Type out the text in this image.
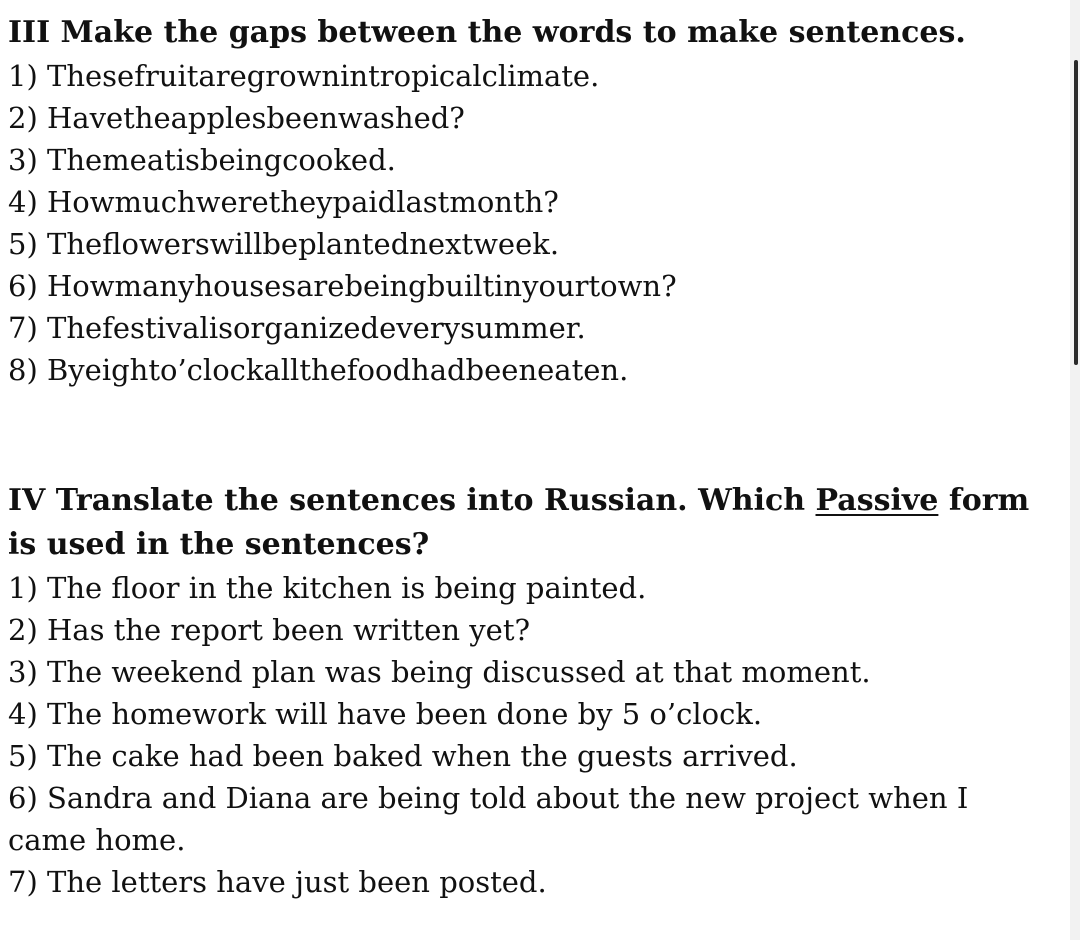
III Make the gaps between the words to make sentences.
1) Thesefruitaregrownintropicalclimate.
2) Havetheapplesbeenwashed?
3) Themeatisbeingcooked.
4) Howmuchweretheypaidlastmonth?
5) Theflowerswillbeplantednextweek.
6) Howmanyhousesarebeingbuiltinyourtown?
7) Thefestivalisorganizedeverysummer.
8) Byeighto’clockallthefoodhadbeeneaten.
IV Translate the sentences into Russian. Which Passive form is used in the sentences?
1) The floor in the kitchen is being painted.
2) Has the report been written yet?
3) The weekend plan was being discussed at that moment.
4) The homework will have been done by 5 o’clock.
5) The cake had been baked when the guests arrived.
6) Sandra and Diana are being told about the new project when I came home.
7) The letters have just been posted.
